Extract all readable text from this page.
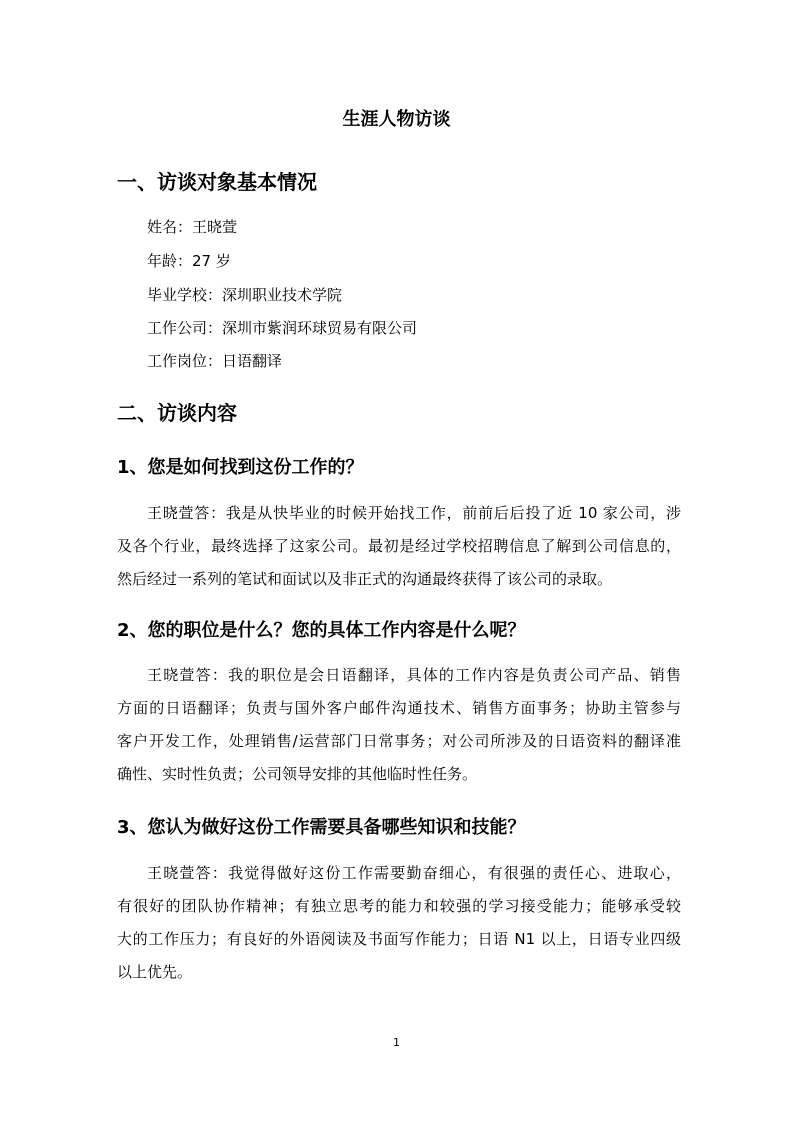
生涯人物访谈
一、访谈对象基本情况
姓名：王晓萱
年龄：27 岁
毕业学校：深圳职业技术学院
工作公司：深圳市紫润环球贸易有限公司
工作岗位：日语翻译
二、访谈内容
1、您是如何找到这份工作的？
王晓萱答：我是从快毕业的时候开始找工作，前前后后投了近 10 家公司，涉
及各个行业，最终选择了这家公司。最初是经过学校招聘信息了解到公司信息的，
然后经过一系列的笔试和面试以及非正式的沟通最终获得了该公司的录取。
2、您的职位是什么？您的具体工作内容是什么呢？
王晓萱答：我的职位是会日语翻译，具体的工作内容是负责公司产品、销售
方面的日语翻译；负责与国外客户邮件沟通技术、销售方面事务；协助主管参与
客户开发工作，处理销售/运营部门日常事务；对公司所涉及的日语资料的翻译准
确性、实时性负责；公司领导安排的其他临时性任务。
3、您认为做好这份工作需要具备哪些知识和技能？
王晓萱答：我觉得做好这份工作需要勤奋细心，有很强的责任心、进取心，
有很好的团队协作精神；有独立思考的能力和较强的学习接受能力；能够承受较
大的工作压力；有良好的外语阅读及书面写作能力；日语 N1 以上，日语专业四级
以上优先。
1
